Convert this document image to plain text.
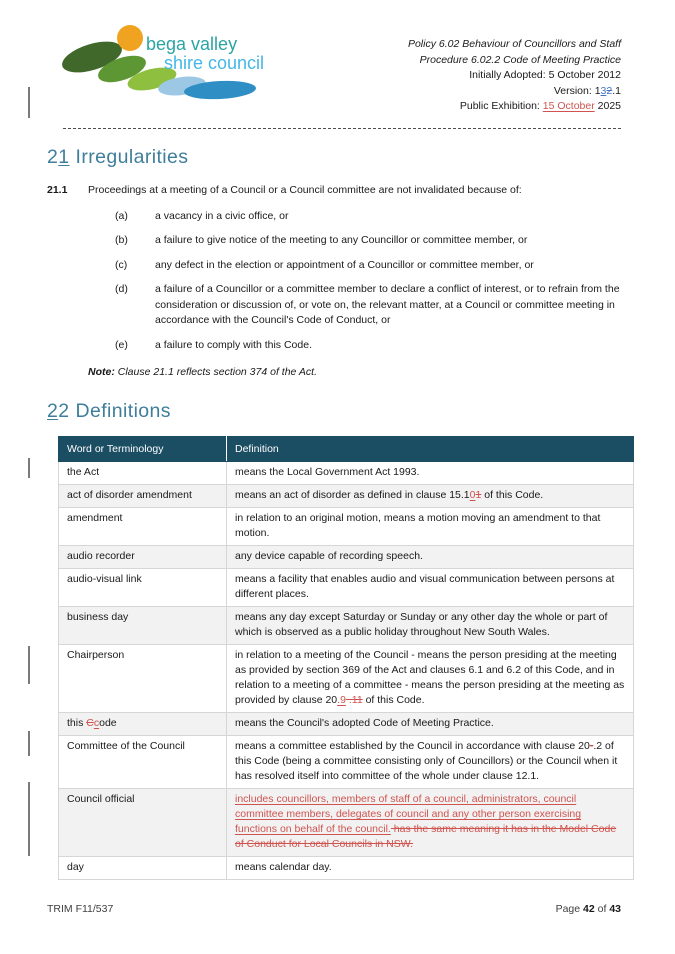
bega valley
shire council
Policy 6.02 Behaviour of Councillors and Staff
Procedure 6.02.2 Code of Meeting Practice
Initially Adopted: 5 October 2012
Version: 132.1
Public Exhibition: 15 October 2025
21 Irregularities
21.1	Proceedings at a meeting of a Council or a Council committee are not invalidated because of:
(a)	a vacancy in a civic office, or
(b)	a failure to give notice of the meeting to any Councillor or committee member, or
(c)	any defect in the election or appointment of a Councillor or committee member, or
(d)	a failure of a Councillor or a committee member to declare a conflict of interest, or to refrain from the consideration or discussion of, or vote on, the relevant matter, at a Council or committee meeting in accordance with the Council's Code of Conduct, or
(e)	a failure to comply with this Code.
Note: Clause 21.1 reflects section 374 of the Act.
22 Definitions
Word or Terminology	Definition
the Act	means the Local Government Act 1993.
act of disorder amendment	means an act of disorder as defined in clause 15.101 of this Code.
amendment	in relation to an original motion, means a motion moving an amendment to that motion.
audio recorder	any device capable of recording speech.
audio-visual link	means a facility that enables audio and visual communication between persons at different places.
business day	means any day except Saturday or Sunday or any other day the whole or part of which is observed as a public holiday throughout New South Wales.
Chairperson	in relation to a meeting of the Council - means the person presiding at the meeting as provided by section 369 of the Act and clauses 6.1 and 6.2 of this Code, and in relation to a meeting of a committee - means the person presiding at the meeting as provided by clause 20.9 .11 of this Code.
this Ccode	means the Council's adopted Code of Meeting Practice.
Committee of the Council	means a committee established by the Council in accordance with clause 20-.2 of this Code (being a committee consisting only of Councillors) or the Council when it has resolved itself into committee of the whole under clause 12.1.
Council official	includes councillors, members of staff of a council, administrators, council committee members, delegates of council and any other person exercising functions on behalf of the council. has the same meaning it has in the Model Code of Conduct for Local Councils in NSW.
day	means calendar day.
TRIM F11/537	Page 42 of 43
